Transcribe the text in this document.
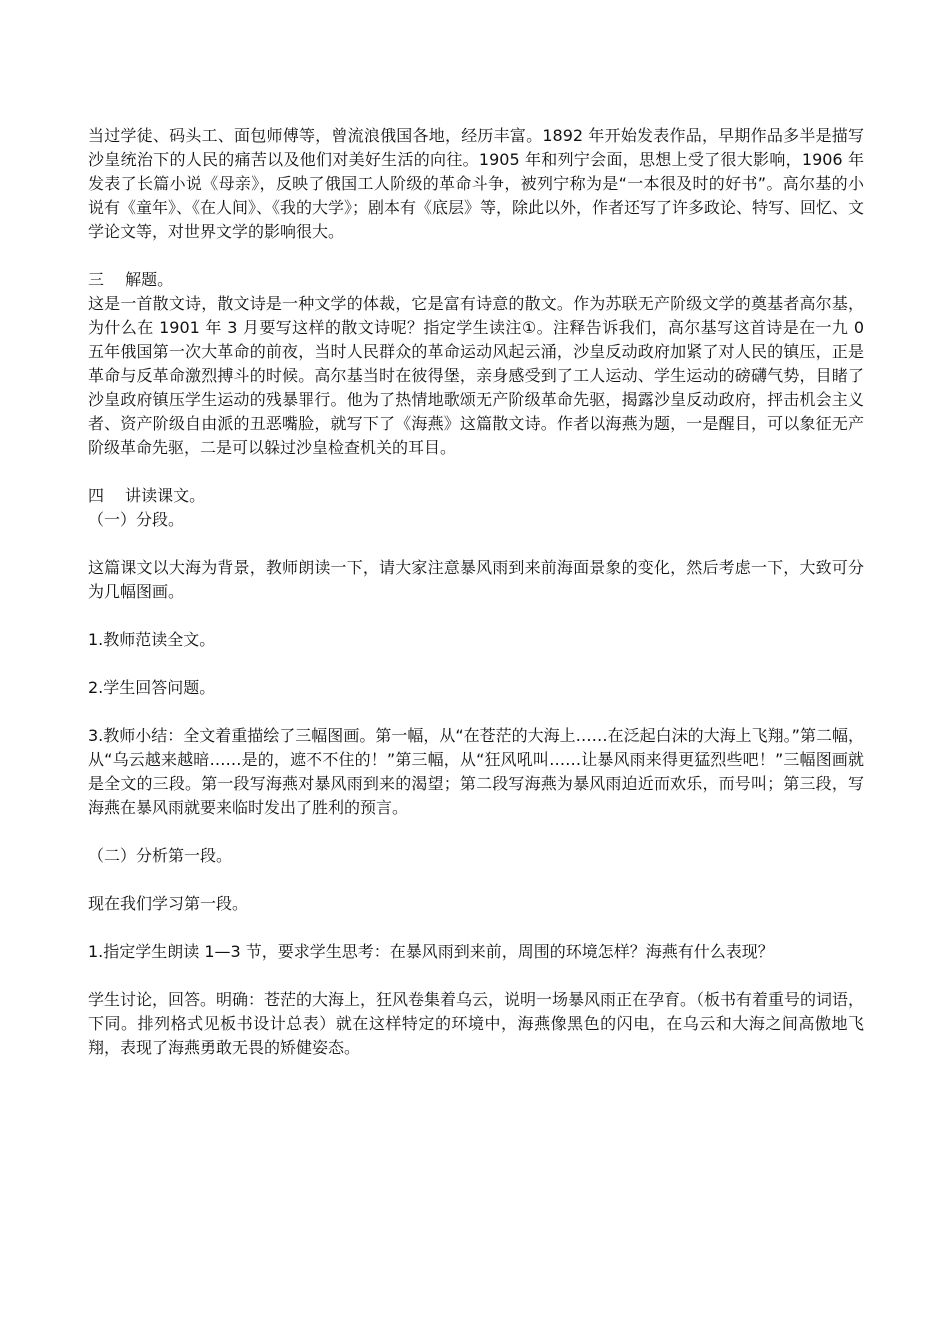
当过学徒、码头工、面包师傅等，曾流浪俄国各地，经历丰富。1892 年开始发表作品，早期作品多半是描写沙皇统治下的人民的痛苦以及他们对美好生活的向往。1905 年和列宁会面，思想上受了很大影响，1906 年发表了长篇小说《母亲》，反映了俄国工人阶级的革命斗争，被列宁称为是“一本很及时的好书”。高尔基的小说有《童年》、《在人间》、《我的大学》；剧本有《底层》等，除此以外，作者还写了许多政论、特写、回忆、文学论文等，对世界文学的影响很大。

三　 解题。

这是一首散文诗，散文诗是一种文学的体裁，它是富有诗意的散文。作为苏联无产阶级文学的奠基者高尔基，为什么在 1901 年 3 月要写这样的散文诗呢？指定学生读注①。注释告诉我们，高尔基写这首诗是在一九 0 五年俄国第一次大革命的前夜，当时人民群众的革命运动风起云涌，沙皇反动政府加紧了对人民的镇压，正是革命与反革命激烈搏斗的时候。高尔基当时在彼得堡，亲身感受到了工人运动、学生运动的磅礴气势，目睹了沙皇政府镇压学生运动的残暴罪行。他为了热情地歌颂无产阶级革命先驱，揭露沙皇反动政府，抨击机会主义者、资产阶级自由派的丑恶嘴脸，就写下了《海燕》这篇散文诗。作者以海燕为题，一是醒目，可以象征无产阶级革命先驱，二是可以躲过沙皇检查机关的耳目。

四　 讲读课文。

（一）分段。

这篇课文以大海为背景，教师朗读一下，请大家注意暴风雨到来前海面景象的变化，然后考虑一下，大致可分为几幅图画。

1.教师范读全文。

2.学生回答问题。

3.教师小结：全文着重描绘了三幅图画。第一幅，从“在苍茫的大海上……在泛起白沫的大海上飞翔。”第二幅，从“乌云越来越暗……是的，遮不不住的！”第三幅，从“狂风吼叫……让暴风雨来得更猛烈些吧！”三幅图画就是全文的三段。第一段写海燕对暴风雨到来的渴望；第二段写海燕为暴风雨迫近而欢乐，而号叫；第三段，写海燕在暴风雨就要来临时发出了胜利的预言。

（二）分析第一段。

现在我们学习第一段。

1.指定学生朗读 1—3 节，要求学生思考：在暴风雨到来前，周围的环境怎样？海燕有什么表现？

学生讨论，回答。明确：苍茫的大海上，狂风卷集着乌云，说明一场暴风雨正在孕育。（板书有着重号的词语，下同。排列格式见板书设计总表）就在这样特定的环境中，海燕像黑色的闪电，在乌云和大海之间高傲地飞翔，表现了海燕勇敢无畏的矫健姿态。
